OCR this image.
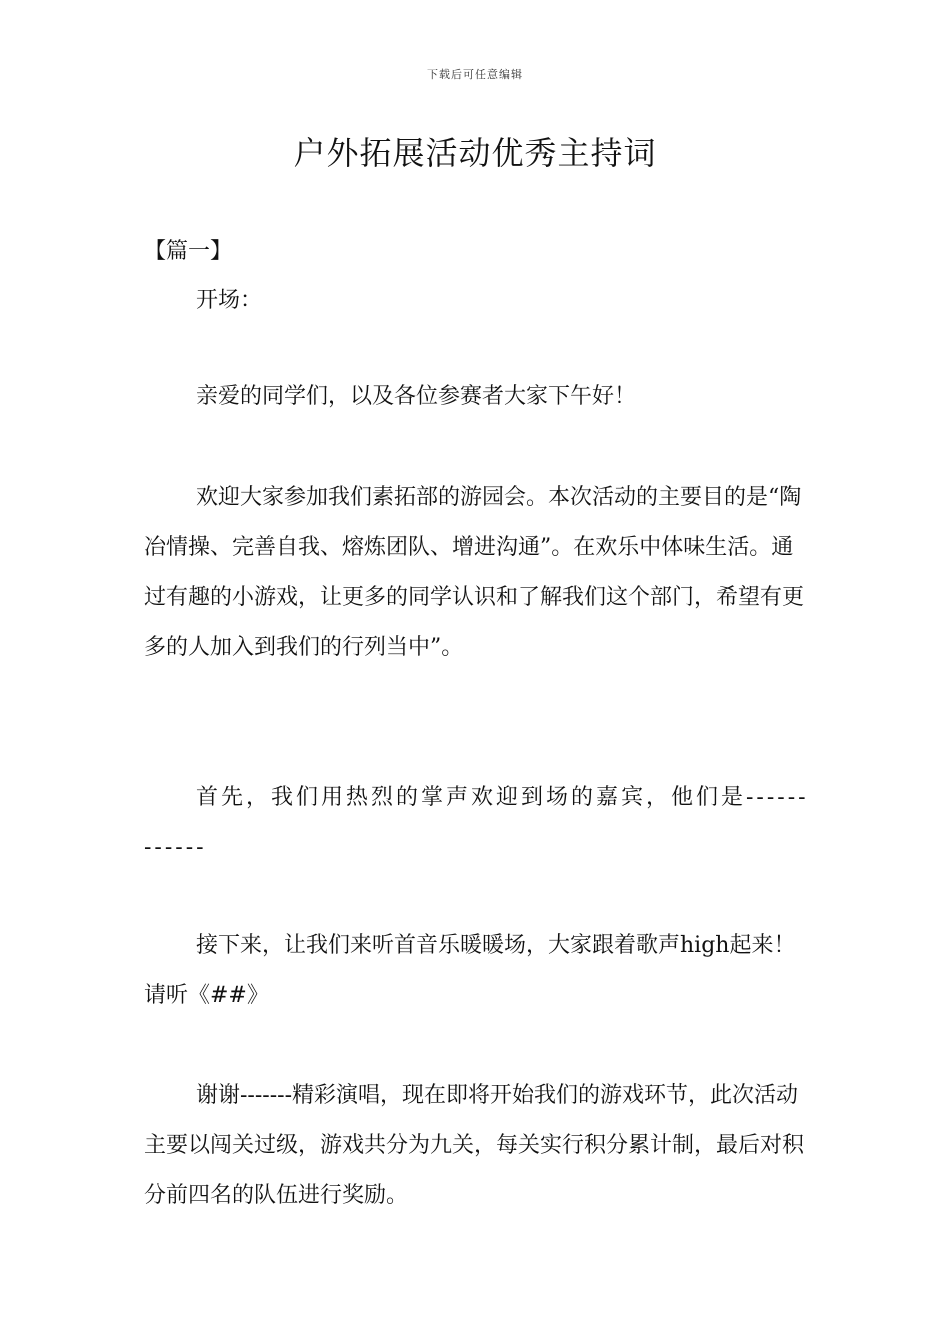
下载后可任意编辑
户外拓展活动优秀主持词
【篇一】

开场：

亲爱的同学们，以及各位参赛者大家下午好！

欢迎大家参加我们素拓部的游园会。本次活动的主要目的是“陶冶情操、完善自我、熔炼团队、增进沟通”。在欢乐中体味生活。通过有趣的小游戏，让更多的同学认识和了解我们这个部门，希望有更多的人加入到我们的行列当中”。

首先，我们用热烈的掌声欢迎到场的嘉宾，他们是------------

接下来，让我们来听首音乐暖暖场，大家跟着歌声high起来！请听《##》

谢谢-------精彩演唱，现在即将开始我们的游戏环节，此次活动主要以闯关过级，游戏共分为九关，每关实行积分累计制，最后对积分前四名的队伍进行奖励。
